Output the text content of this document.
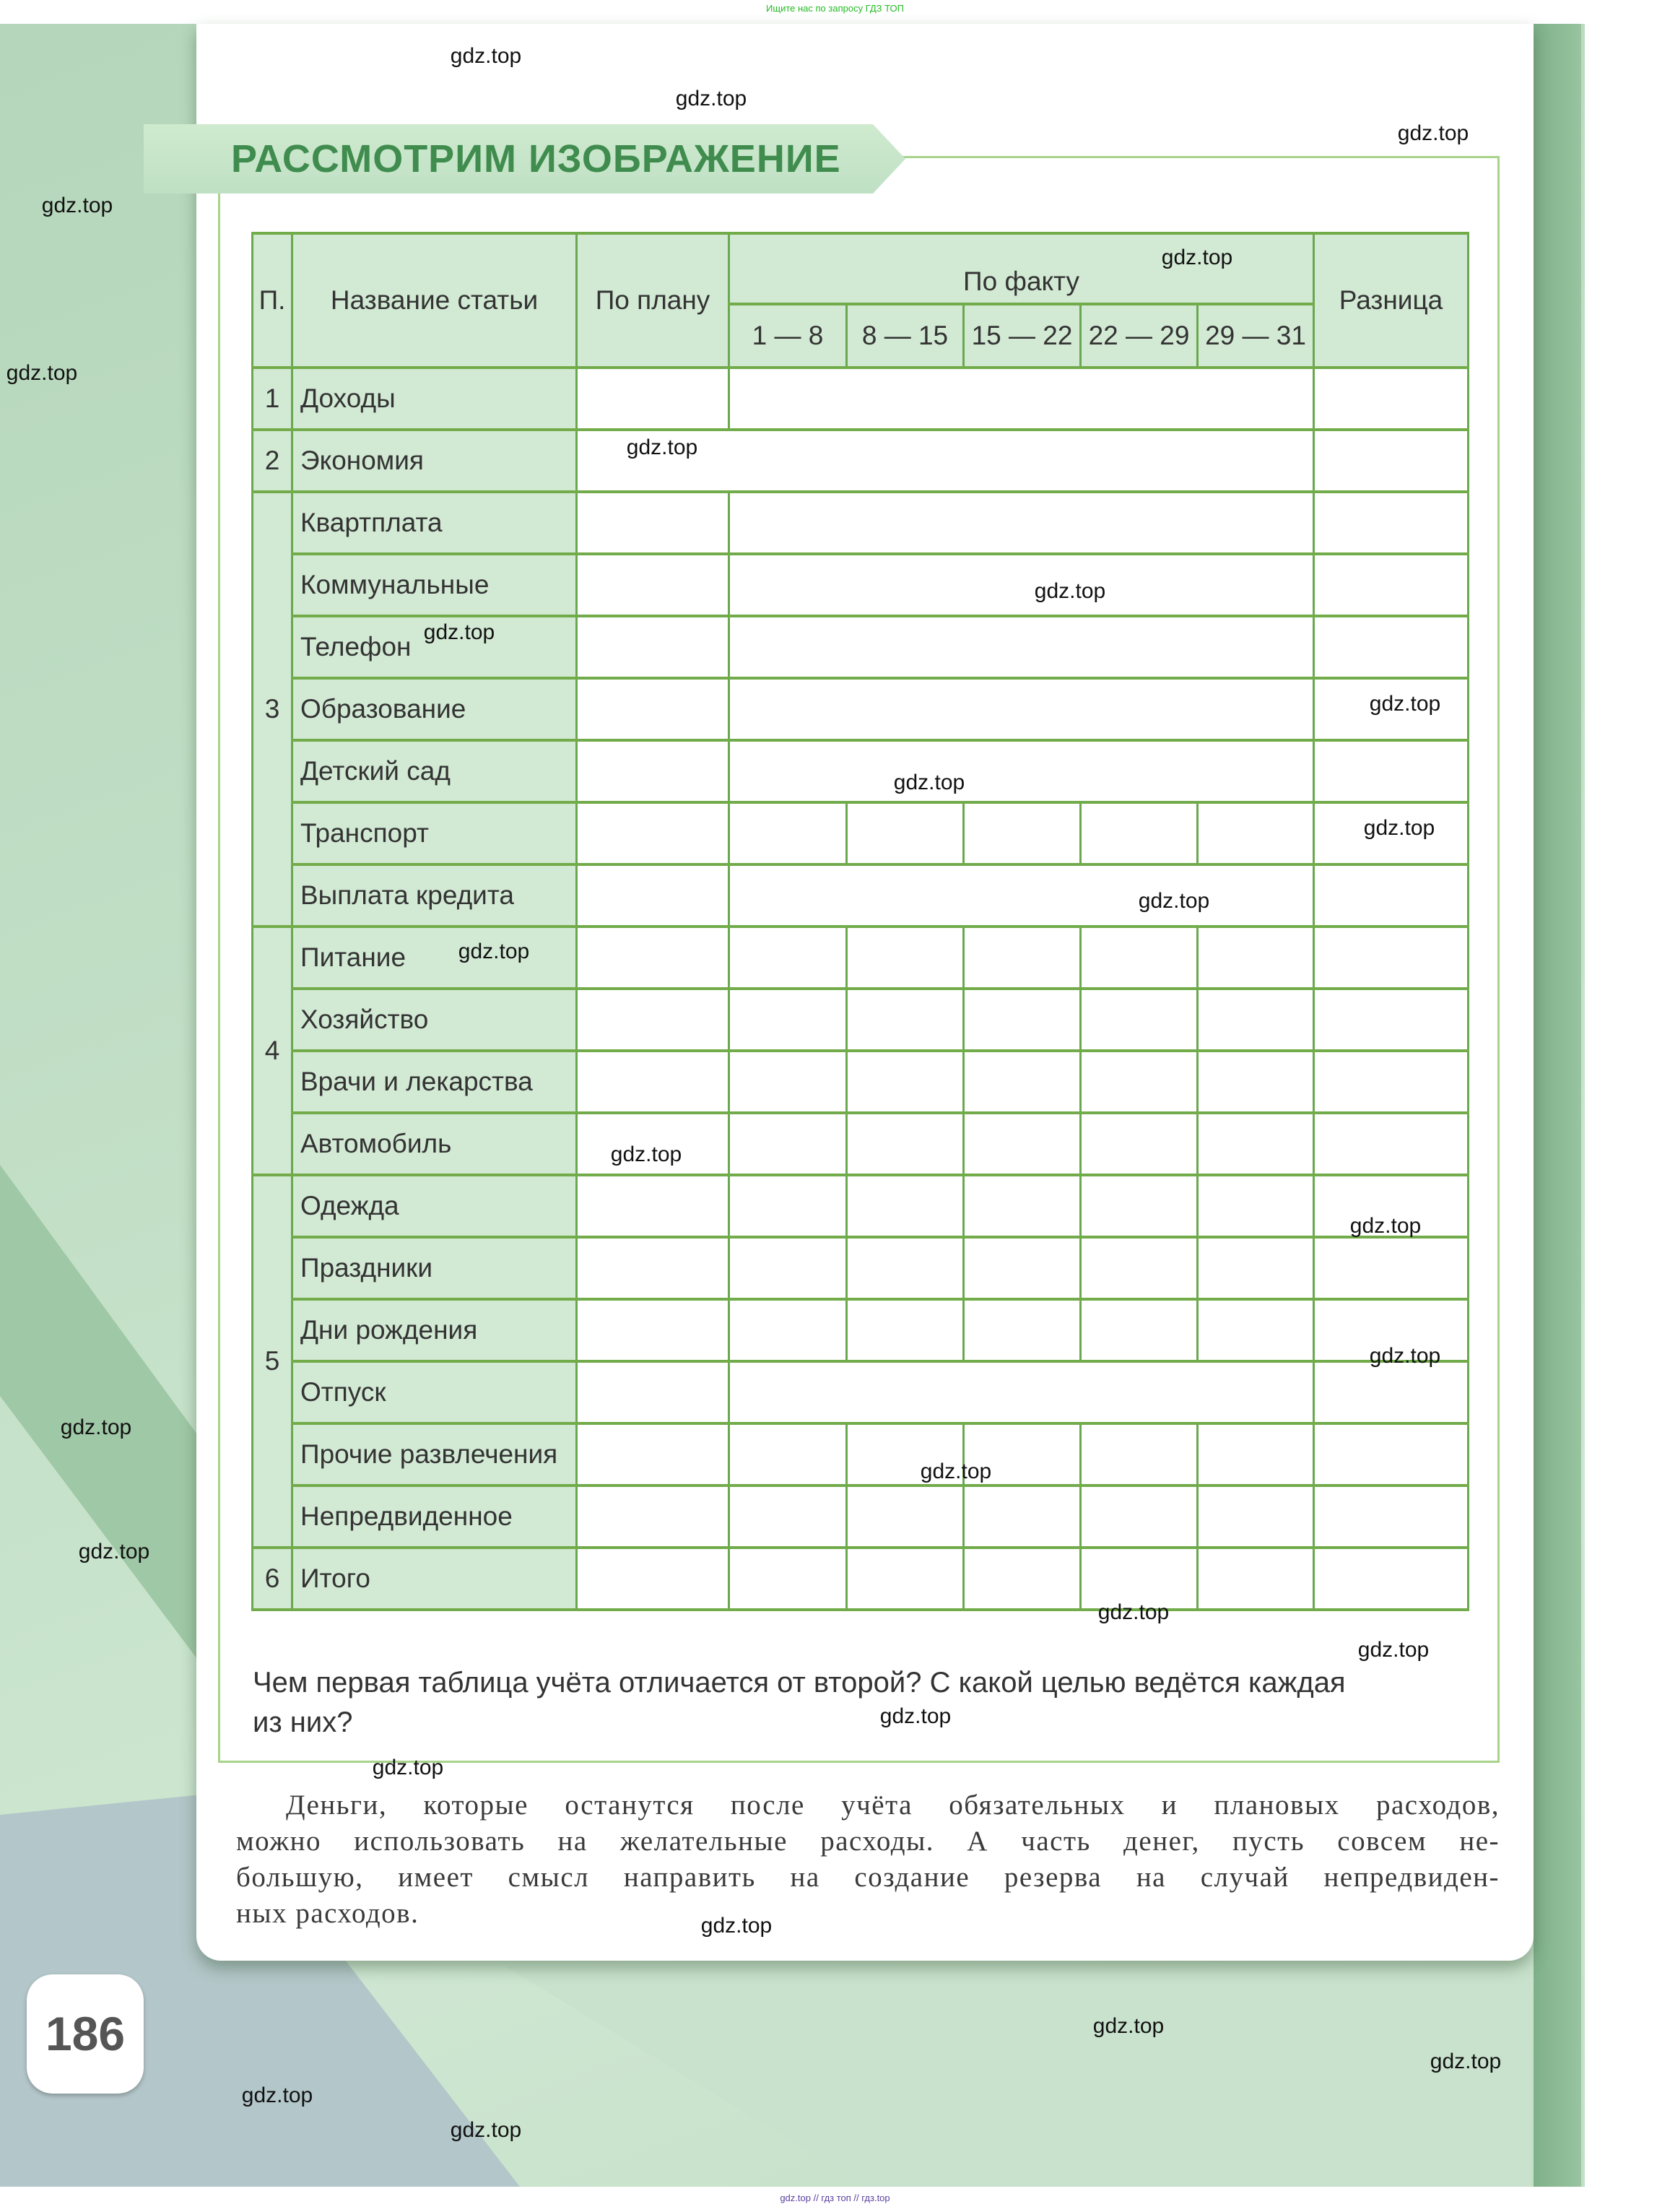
Ищите нас по запросу ГДЗ ТОП
РАССМОТРИМ ИЗОБРАЖЕНИЕ
П.	Название статьи	По плану	По факту					Разница
			1 — 8	8 — 15	15 — 22	22 — 29	29 — 31	
1	Доходы							
2	Экономия							
3	Квартплата							
	Коммунальные							
	Телефон							
	Образование							
	Детский сад							
	Транспорт							
	Выплата кредита							
4	Питание							
	Хозяйство							
	Врачи и лекарства							
	Автомобиль							
5	Одежда							
	Праздники							
	Дни рождения							
	Отпуск							
	Прочие развлечения							
	Непредвиденное							
6	Итого							
Чем первая таблица учёта отличается от второй? С какой целью ведётся каждая
из них?
Деньги, которые останутся после учёта обязательных и плановых расходов,
можно использовать на желательные расходы. А часть денег, пусть совсем не-
большую, имеет смысл направить на создание резерва на случай непредвиден-
ных расходов.
186
gdz.top
gdz.top
gdz.top
gdz.top
gdz.top
gdz.top
gdz.top
gdz.top
gdz.top
gdz.top
gdz.top
gdz.top
gdz.top
gdz.top
gdz.top
gdz.top
gdz.top
gdz.top
gdz.top
gdz.top
gdz.top
gdz.top
gdz.top
gdz.top
gdz.top
gdz.top
gdz.top
gdz.top
gdz.top
gdz.top // гдз топ // гдз.top
